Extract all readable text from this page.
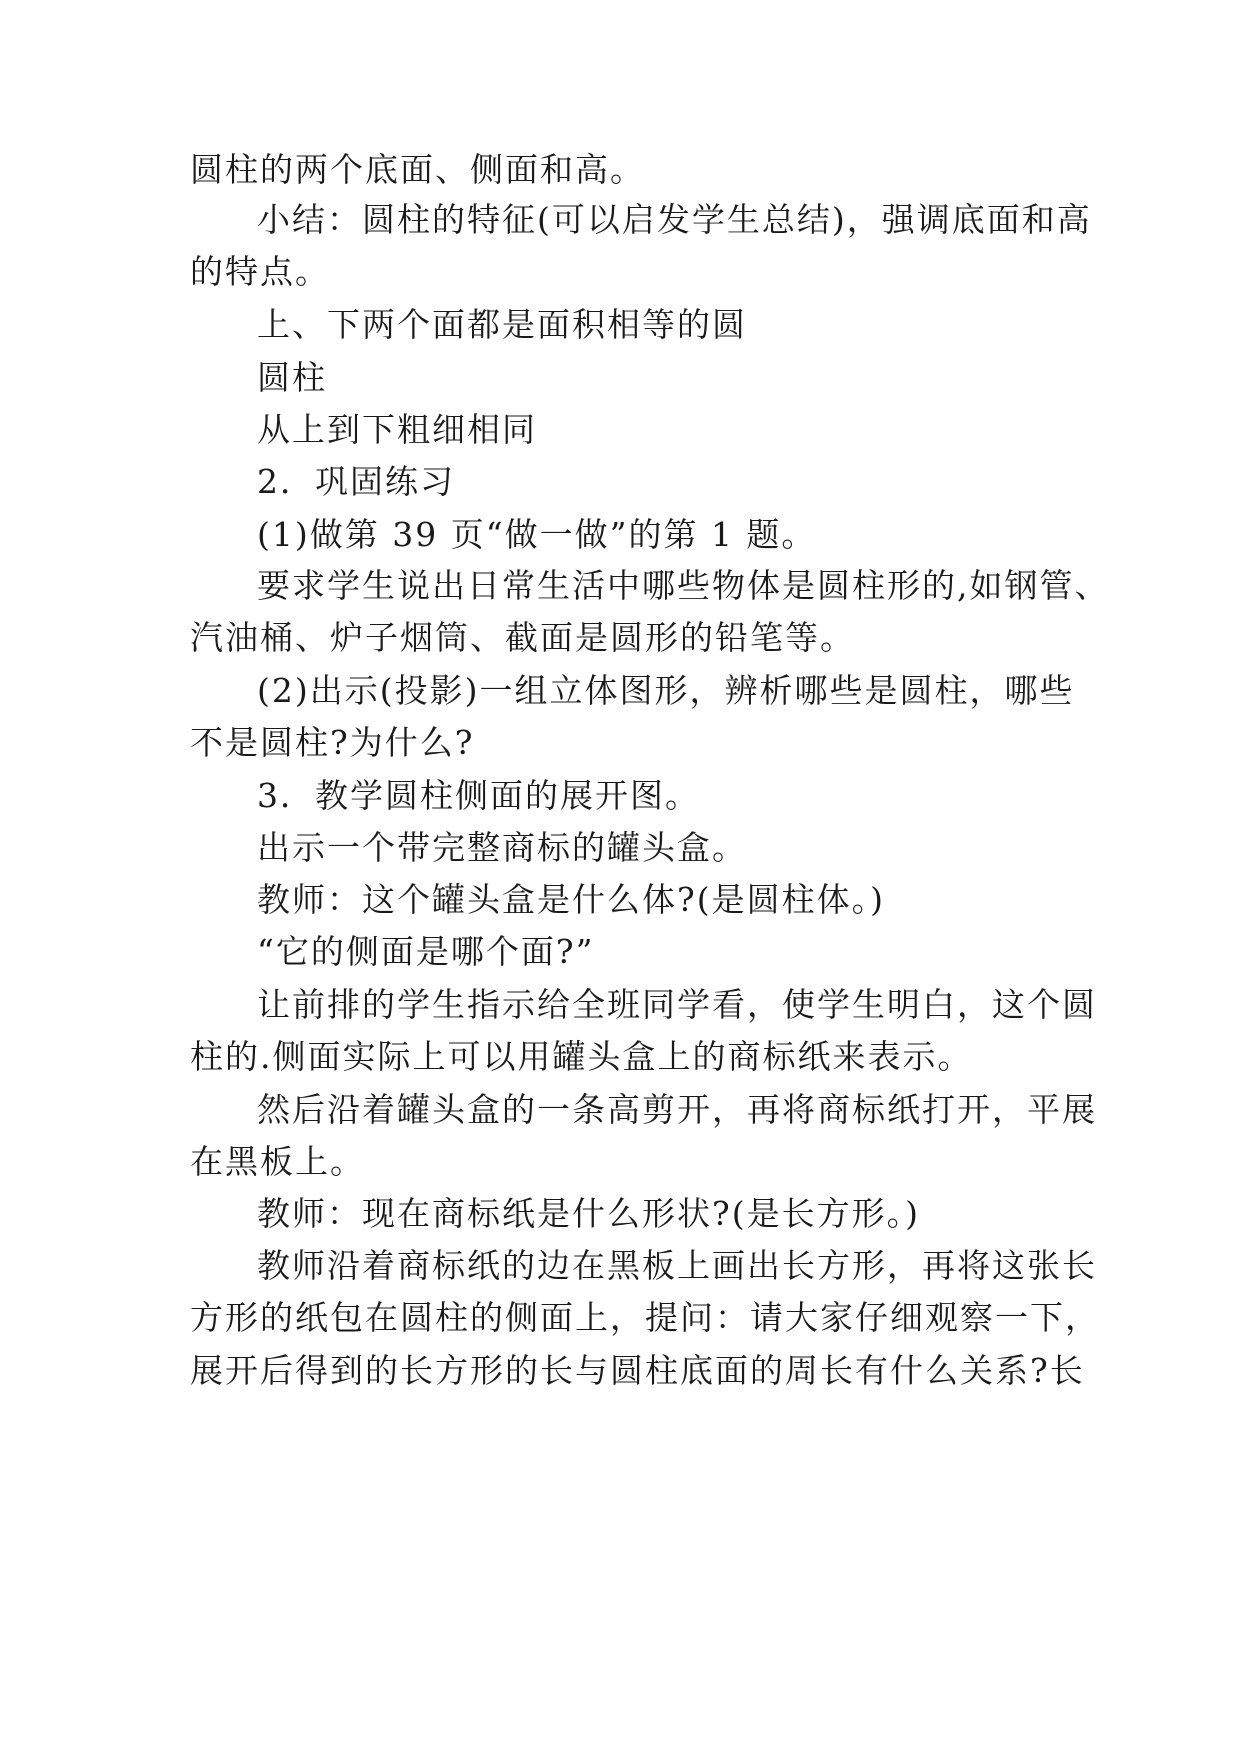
圆柱的两个底面、侧面和高。
小结：圆柱的特征(可以启发学生总结)，强调底面和高
的特点。
上、下两个面都是面积相等的圆
圆柱
从上到下粗细相同
2．巩固练习
(1)做第 39 页“做一做”的第 1 题。
要求学生说出日常生活中哪些物体是圆柱形的,如钢管、
汽油桶、炉子烟筒、截面是圆形的铅笔等。
(2)出示(投影)一组立体图形，辨析哪些是圆柱，哪些
不是圆柱?为什么?
3．教学圆柱侧面的展开图。
出示一个带完整商标的罐头盒。
教师：这个罐头盒是什么体?(是圆柱体。)
“它的侧面是哪个面?”
让前排的学生指示给全班同学看，使学生明白，这个圆
柱的.侧面实际上可以用罐头盒上的商标纸来表示。
然后沿着罐头盒的一条高剪开，再将商标纸打开，平展
在黑板上。
教师：现在商标纸是什么形状?(是长方形。)
教师沿着商标纸的边在黑板上画出长方形，再将这张长
方形的纸包在圆柱的侧面上，提问：请大家仔细观察一下，
展开后得到的长方形的长与圆柱底面的周长有什么关系?长
